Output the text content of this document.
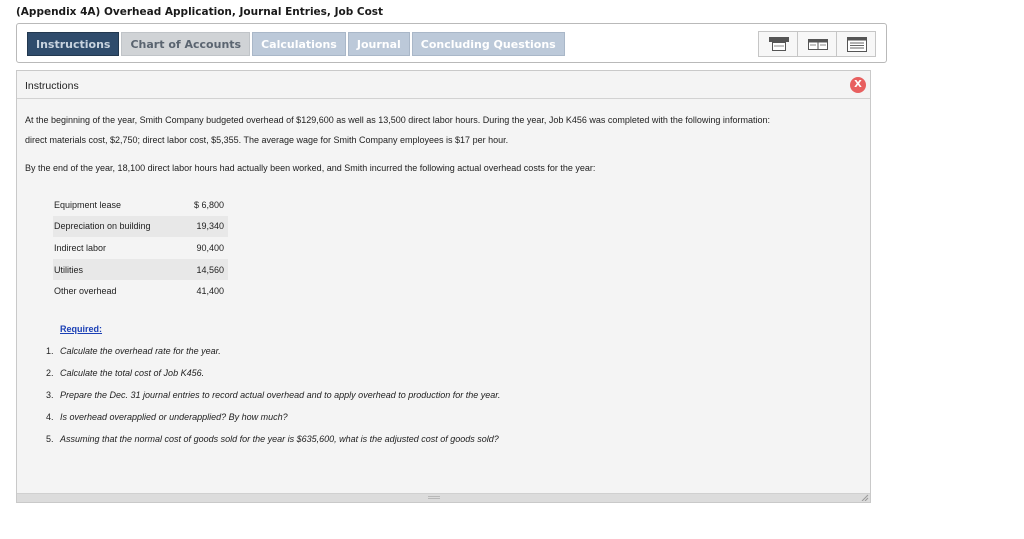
(Appendix 4A) Overhead Application, Journal Entries, Job Cost
Instructions	Chart of Accounts	Calculations	Journal	Concluding Questions
Instructions	X
At the beginning of the year, Smith Company budgeted overhead of $129,600 as well as 13,500 direct labor hours. During the year, Job K456 was completed with the following information:
direct materials cost, $2,750; direct labor cost, $5,355. The average wage for Smith Company employees is $17 per hour.
By the end of the year, 18,100 direct labor hours had actually been worked, and Smith incurred the following actual overhead costs for the year:
Equipment lease	$ 6,800
Depreciation on building	19,340
Indirect labor	90,400
Utilities	14,560
Other overhead	41,400
Required:
1. Calculate the overhead rate for the year.
2. Calculate the total cost of Job K456.
3. Prepare the Dec. 31 journal entries to record actual overhead and to apply overhead to production for the year.
4. Is overhead overapplied or underapplied? By how much?
5. Assuming that the normal cost of goods sold for the year is $635,600, what is the adjusted cost of goods sold?
